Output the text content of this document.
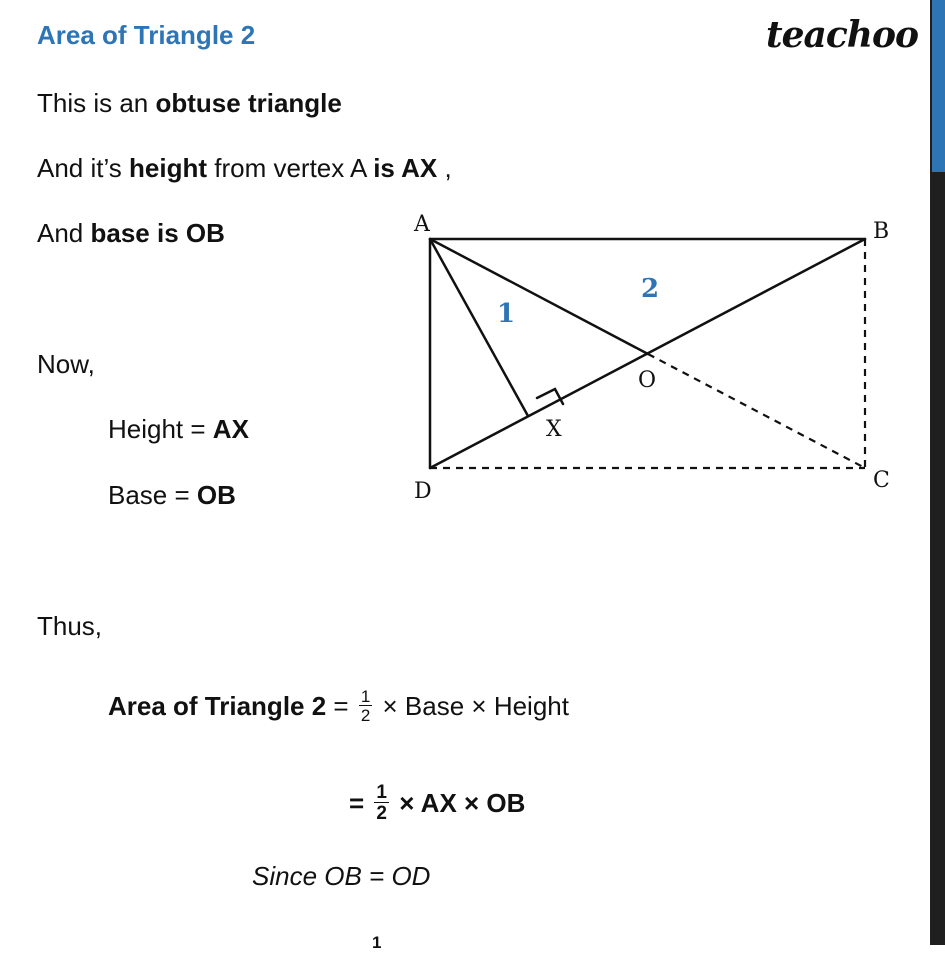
Area of Triangle 2	teachoo
This is an obtuse triangle
And it’s height from vertex A is AX ,
And base is OB
Now,
Height = AX
Base = OB
Thus,
Area of Triangle $2 = \frac{1}{2}$ × Base × Height
= $\frac{1}{2}$ × AX × OB
Since OB = OD
1
A	B
C
D
O
X
1
2
